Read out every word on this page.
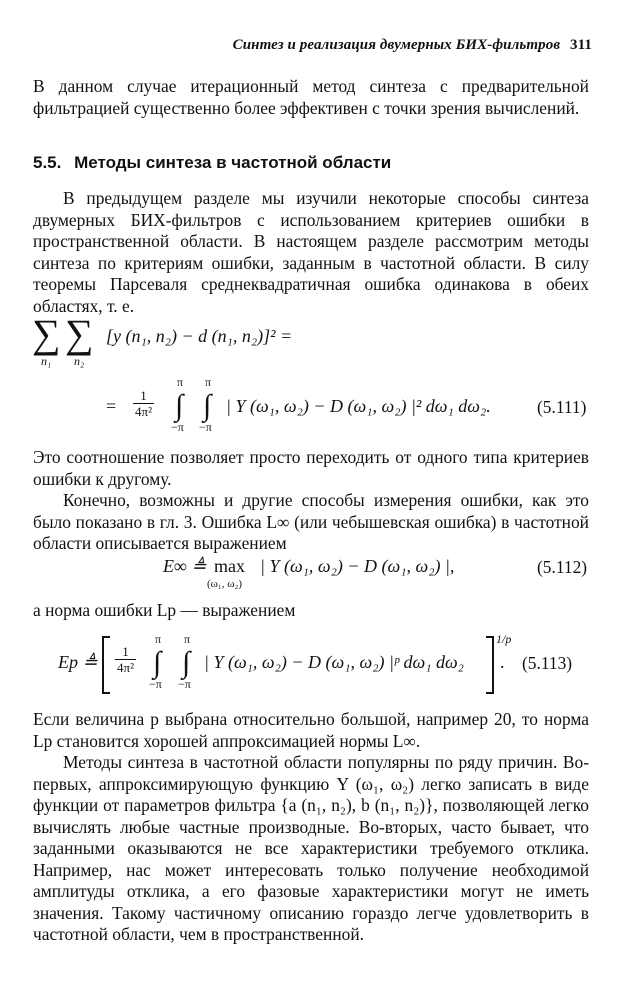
Синтез и реализация двумерных БИХ-фильтров 311
В данном случае итерационный метод синтеза с предварительной фильтрацией существенно более эффективен с точки зрения вычислений.
5.5. Методы синтеза в частотной области
В предыдущем разделе мы изучили некоторые способы синтеза двумерных БИХ-фильтров с использованием критериев ошибки в пространственной области. В настоящем разделе рассмотрим методы синтеза по критериям ошибки, заданным в частотной области. В силу теоремы Парсеваля среднеквадратичная ошибка одинакова в обеих областях, т. е.
∑ ∑
n₁ n₂
[y (n₁, n₂) − d (n₁, n₂)]² =
= $\frac{1}{\text{4π²}}$
π π
∫ ∫
−π −π
| Y (ω₁, ω₂) − D (ω₁, ω₂) |² dω₁ dω₂.	(5.111)
Это соотношение позволяет просто переходить от одного типа критериев ошибки к другому.
Конечно, возможны и другие способы измерения ошибки, как это было показано в гл. 3. Ошибка L∞ (или чебышевская ошибка) в частотной области описывается выражением
E∞ ≜ max
(ω₁, ω₂)
| Y (ω₁, ω₂) − D (ω₁, ω₂) |,	(5.112)
а норма ошибки Lp — выражением
Ep ≜ $\frac{1}{\text{4π²}}$
π π
∫ ∫
−π −π
| Y (ω₁, ω₂) − D (ω₁, ω₂) |ᵖ dω₁ dω₂
1/p
. (5.113)
Если величина p выбрана относительно большой, например 20, то норма Lp становится хорошей аппроксимацией нормы L∞.
Методы синтеза в частотной области популярны по ряду причин. Во-первых, аппроксимирующую функцию Y (ω₁, ω₂) легко записать в виде функции от параметров фильтра {a (n₁, n₂), b (n₁, n₂)}, позволяющей легко вычислять любые частные производные. Во-вторых, часто бывает, что заданными оказываются не все характеристики требуемого отклика. Например, нас может интересовать только получение необходимой амплитуды отклика, а его фазовые характеристики могут не иметь значения. Такому частичному описанию гораздо легче удовлетворить в частотной области, чем в пространственной.
